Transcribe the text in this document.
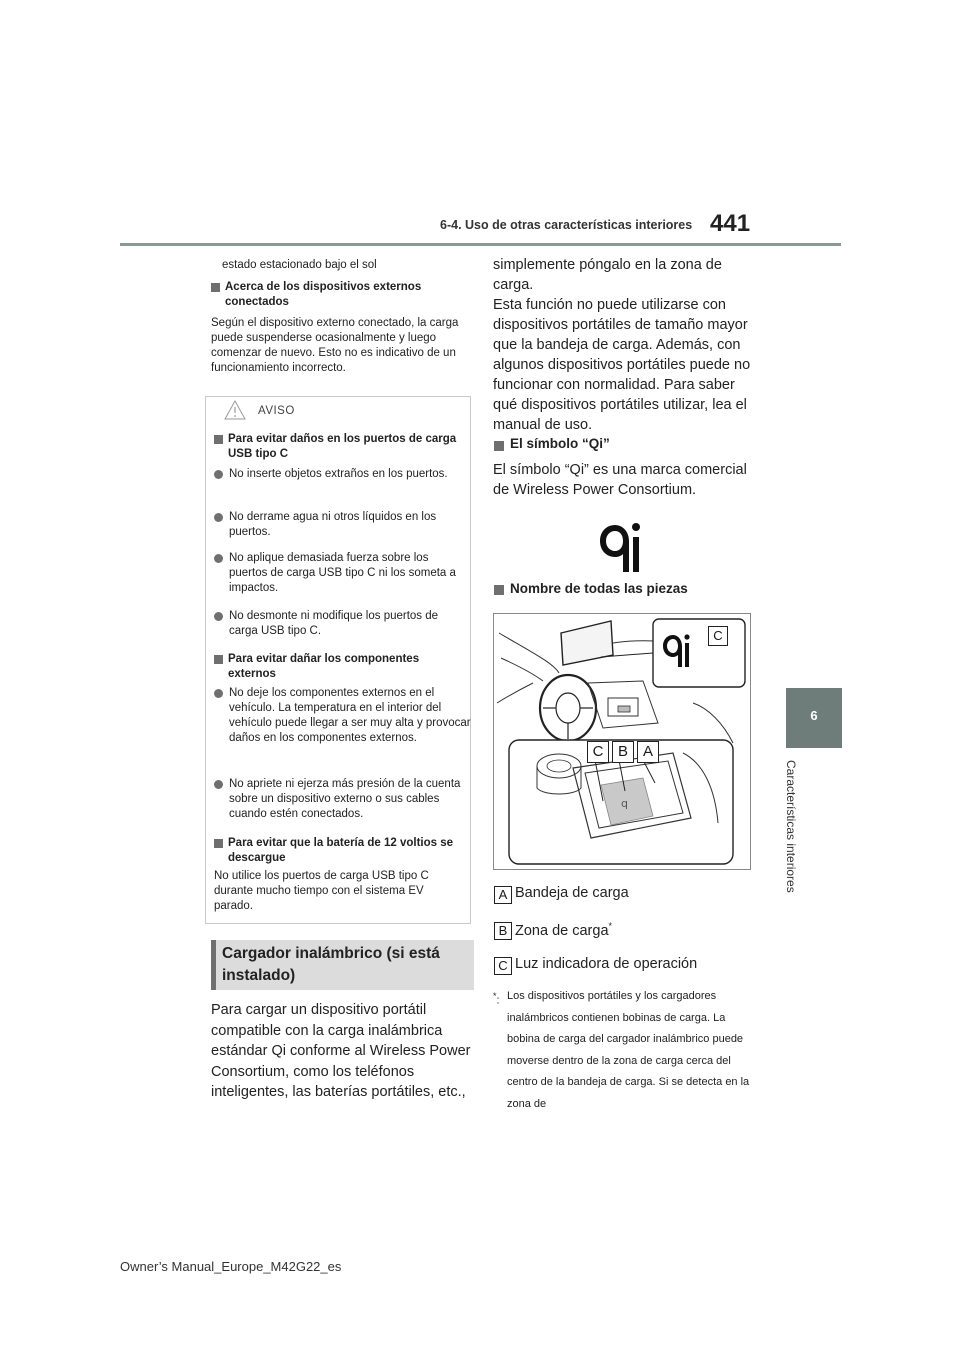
6-4. Uso de otras características interiores 441
6
Características interiores
estado estacionado bajo el sol
Acerca de los dispositivos externos conectados
Según el dispositivo externo conectado, la carga puede suspenderse ocasionalmente y luego comenzar de nuevo. Esto no es indicativo de un funcionamiento incorrecto.
AVISO
Para evitar daños en los puertos de carga USB tipo C
No inserte objetos extraños en los puertos.
No derrame agua ni otros líquidos en los puertos.
No aplique demasiada fuerza sobre los puertos de carga USB tipo C ni los someta a impactos.
No desmonte ni modifique los puertos de carga USB tipo C.
Para evitar dañar los componentes externos
No deje los componentes externos en el vehículo. La temperatura en el interior del vehículo puede llegar a ser muy alta y provocar daños en los componentes externos.
No apriete ni ejerza más presión de la cuenta sobre un dispositivo externo o sus cables cuando estén conectados.
Para evitar que la batería de 12 voltios se descargue
No utilice los puertos de carga USB tipo C durante mucho tiempo con el sistema EV parado.
Cargador inalámbrico (si está instalado)
Para cargar un dispositivo portátil compatible con la carga inalámbrica estándar Qi conforme al Wireless Power Consortium, como los teléfonos inteligentes, las baterías portátiles, etc.,
simplemente póngalo en la zona de carga.
Esta función no puede utilizarse con dispositivos portátiles de tamaño mayor que la bandeja de carga. Además, con algunos dispositivos portátiles puede no funcionar con normalidad. Para saber qué dispositivos portátiles utilizar, lea el manual de uso.
El símbolo “Qi”
El símbolo “Qi” es una marca comercial de Wireless Power Consortium.
Nombre de todas las piezas
q
C
C B A
A Bandeja de carga
B Zona de carga*
C Luz indicadora de operación
*: Los dispositivos portátiles y los cargadores inalámbricos contienen bobinas de carga. La bobina de carga del cargador inalámbrico puede moverse dentro de la zona de carga cerca del centro de la bandeja de carga. Si se detecta en la zona de
Owner’s Manual_Europe_M42G22_es
